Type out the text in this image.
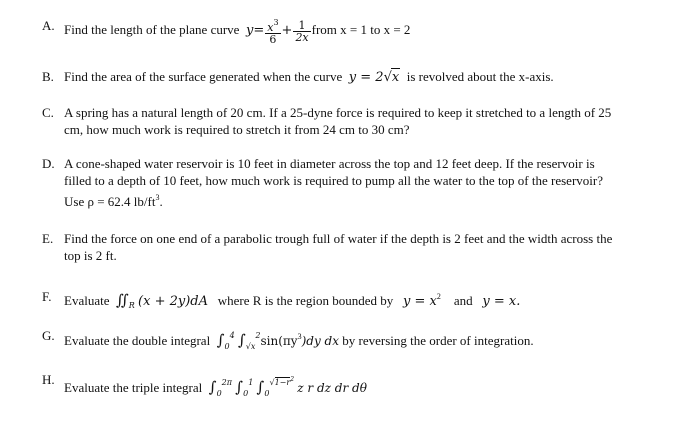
A. Find the length of the plane curve $y= \frac{x^3}{6} + \frac{1}{2x}$ from x = 1 to x = 2
B. Find the area of the surface generated when the curve y = 2√x is revolved about the x-axis.
C. A spring has a natural length of 20 cm. If a 25-dyne force is required to keep it stretched to a length of 25
cm, how much work is required to stretch it from 24 cm to 30 cm?
D. A cone-shaped water reservoir is 10 feet in diameter across the top and 12 feet deep. If the reservoir is
filled to a depth of 10 feet, how much work is required to pump all the water to the top of the reservoir?
Use ρ = 62.4 $lb/ft^3$.
E. Find the force on one end of a parabolic trough full of water if the depth is 2 feet and the width across the
top is 2 ft.
F. Evaluate $∬_R$ (x + 2y)dA where R is the region bounded by $y = x^2$ and y = x.
G. Evaluate the double integral $\int_0^4$ $\int_{√x}^2\sin(\pi y^3)dy$ dx by reversing the order of integration.
H.
Evaluate the triple integral $\int_0^{2\pi}$ $\int_0^1$ $\int_0^{√1-r^2}$ z r dz dr dθ
